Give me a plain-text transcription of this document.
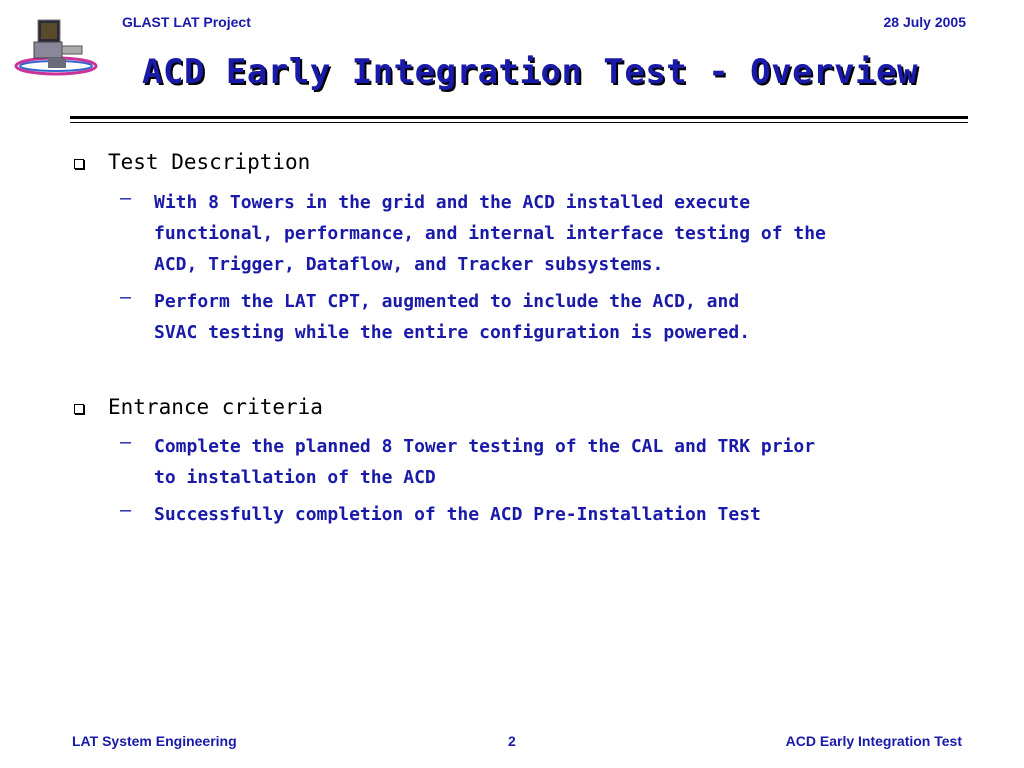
GLAST LAT Project	28 July 2005
ACD Early Integration Test - Overview
Test Description
– With 8 Towers in the grid and the ACD installed execute
functional, performance, and internal interface testing of the
ACD, Trigger, Dataflow, and Tracker subsystems.
– Perform the LAT CPT, augmented to include the ACD, and
SVAC testing while the entire configuration is powered.
Entrance criteria
– Complete the planned 8 Tower testing of the CAL and TRK prior
to installation of the ACD
– Successfully completion of the ACD Pre-Installation Test
LAT System Engineering	2	ACD Early Integration Test
